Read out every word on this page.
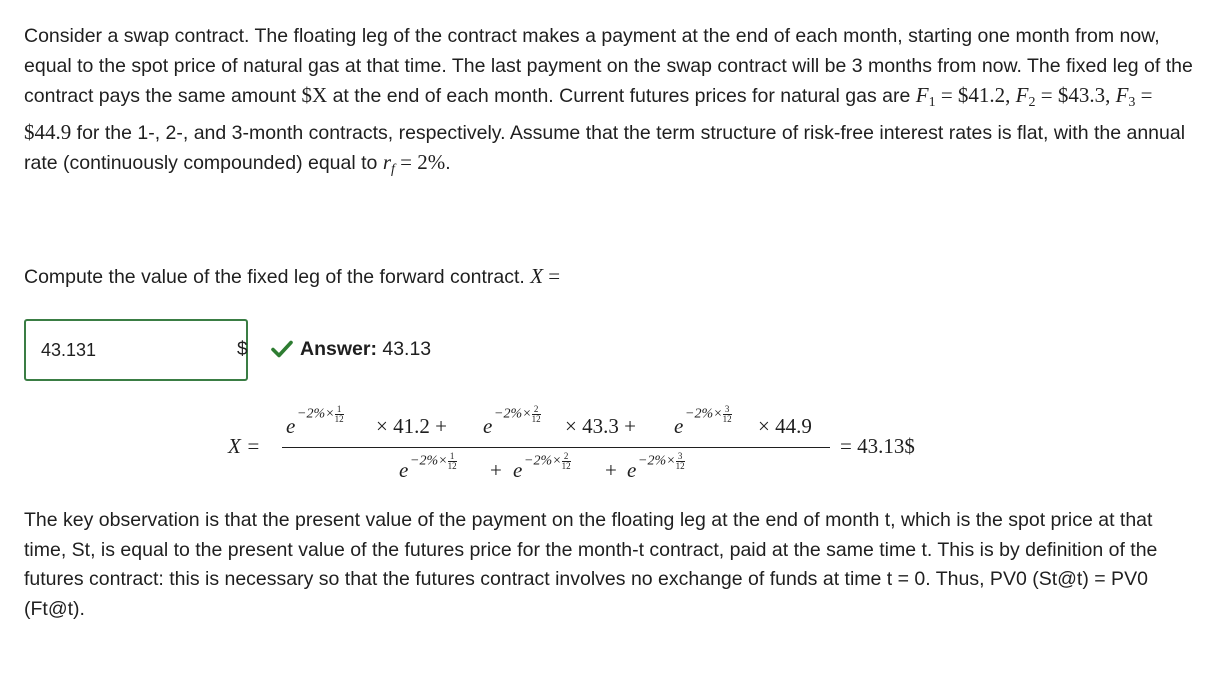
Consider a swap contract. The floating leg of the contract makes a payment at the end of each month, starting one month from now, equal to the spot price of natural gas at that time. The last payment on the swap contract will be 3 months from now. The fixed leg of the contract pays the same amount $X at the end of each month. Current futures prices for natural gas are $F_1$ = $41.2, $F_2$ = $43.3, $F_3$ = $44.9 for the 1-, 2-, and 3-month contracts, respectively. Assume that the term structure of risk-free interest rates is flat, with the annual rate (continuously compounded) equal to $r_f = 2\%$.
Compute the value of the fixed leg of the forward contract. X =
43.131
$	Answer: 43.13
X =
$e -2\%\times \frac{1}{12} \times 41.2 + e -2\%\times \frac{2}{12} \times 43.3 + e -2\%\times \frac{3}{12} \times 44.9$
$e -2\%\times \frac{1}{12} + e -2\%\times \frac{2}{12} + e -2\%\times \frac{3}{12}$
= 43.13$
The key observation is that the present value of the payment on the floating leg at the end of month t, which is the spot price at that time, St, is equal to the present value of the futures price for the month-t contract, paid at the same time t. This is by definition of the futures contract: this is necessary so that the futures contract involves no exchange of funds at time t = 0. Thus, PV0 (St@t) = PV0 (Ft@t).
